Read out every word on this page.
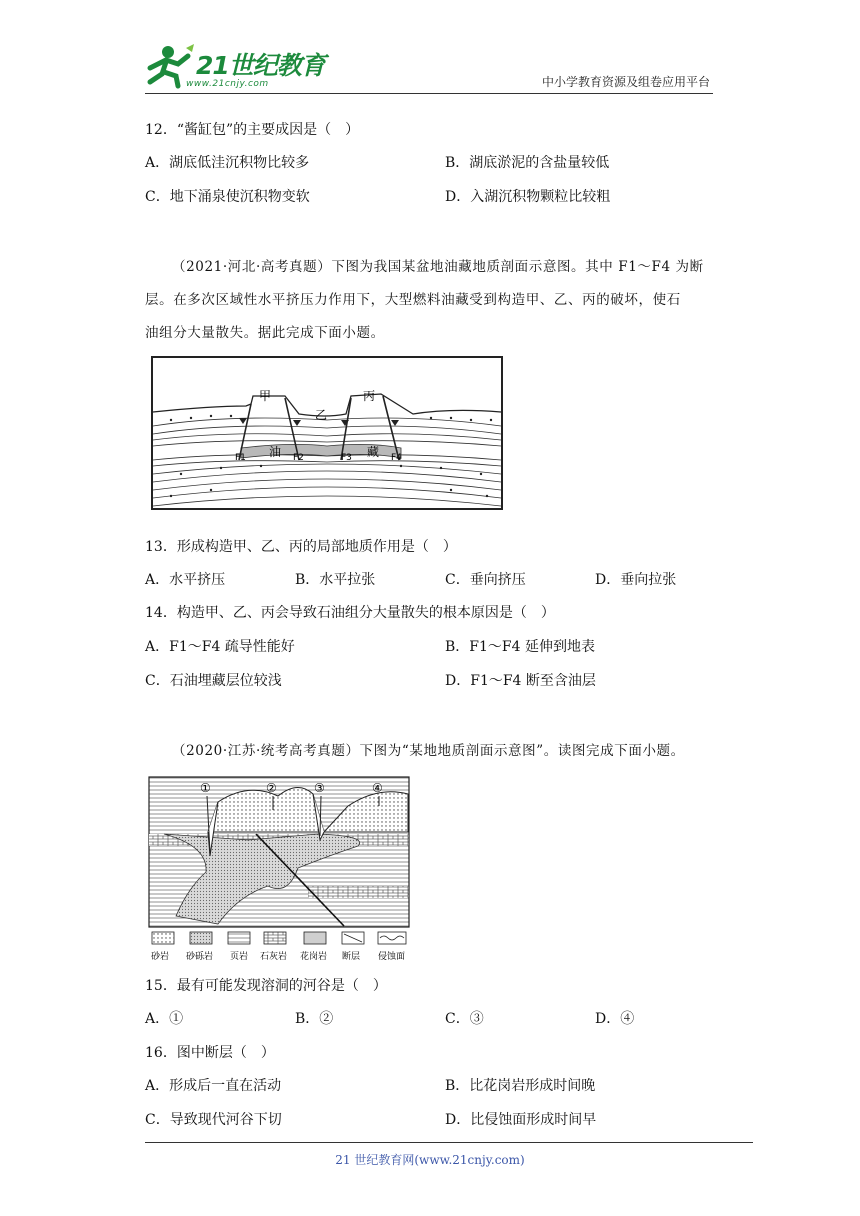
21世纪教育
www.21cnjy.com	中小学教育资源及组卷应用平台
12．“酱缸包”的主要成因是（　）
A．湖底低洼沉积物比较多	B．湖底淤泥的含盐量较低
C．地下涌泉使沉积物变软	D．入湖沉积物颗粒比较粗
（2021·河北·高考真题）下图为我国某盆地油藏地质剖面示意图。其中 F1～F4 为断
层。在多次区域性水平挤压力作用下，大型燃料油藏受到构造甲、乙、丙的破坏，使石
油组分大量散失。据此完成下面小题。
甲
乙
丙
油	藏
F1	F2	F3	F4
13．形成构造甲、乙、丙的局部地质作用是（　）
A．水平挤压	B．水平拉张	C．垂向挤压	D．垂向拉张
14．构造甲、乙、丙会导致石油组分大量散失的根本原因是（　）
A．F1～F4 疏导性能好	B．F1～F4 延伸到地表
C．石油埋藏层位较浅	D．F1～F4 断至含油层
（2020·江苏·统考高考真题）下图为“某地地质剖面示意图”。读图完成下面小题。
①	②	③	④
砂岩 砂砾岩 页岩 石灰岩 花岗岩 断层 侵蚀面
15．最有可能发现溶洞的河谷是（　）
A．①	B．②	C．③	D．④
16．图中断层（　）
A．形成后一直在活动	B．比花岗岩形成时间晚
C．导致现代河谷下切	D．比侵蚀面形成时间早
21 世纪教育网(www.21cnjy.com)
